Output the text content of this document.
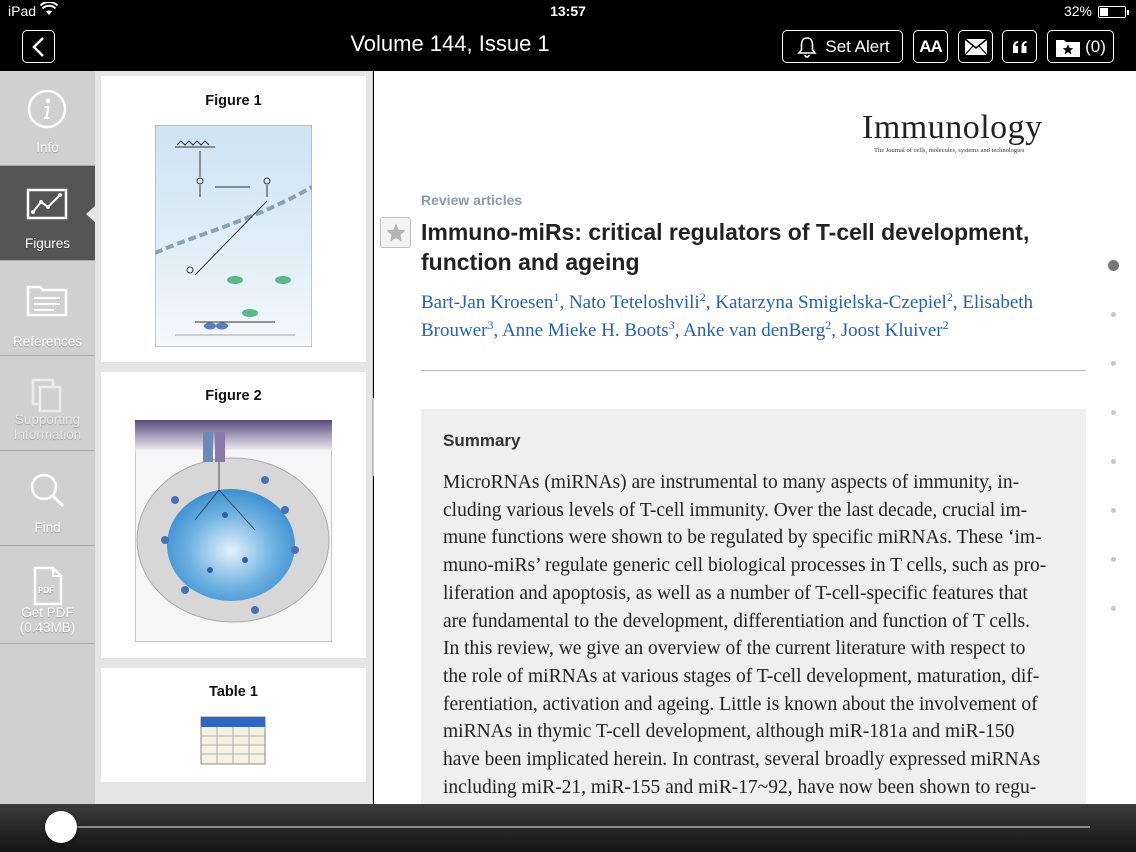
iPad	13:57	32%
Volume 144, Issue 1	Set Alert AA	(0)
Info
Figures
References
Supporting Information
Find
PDF
Get PDF (0.43MB)
Figure 1
Figure 2
Table 1
Immunology
The Journal of cells, molecules, systems and technologies
Review articles
Immuno-miRs: critical regulators of T-cell development, function and ageing
Bart-Jan Kroesen$^1$, Nato Teteloshvili$^2$, Katarzyna Smigielska-Czepiel$^2$, Elisabeth Brouwer$^3$, Anne Mieke H. Boots$^3$, Anke van denBerg$^2$, Joost Kluiver$^2$
Summary
MicroRNAs (miRNAs) are instrumental to many aspects of immunity, in-
cluding various levels of T-cell immunity. Over the last decade, crucial im-
mune functions were shown to be regulated by specific miRNAs. These ‘im-
muno-miRs’ regulate generic cell biological processes in T cells, such as pro-
liferation and apoptosis, as well as a number of T-cell-specific features that
are fundamental to the development, differentiation and function of T cells.
In this review, we give an overview of the current literature with respect to
the role of miRNAs at various stages of T-cell development, maturation, dif-
ferentiation, activation and ageing. Little is known about the involvement of
miRNAs in thymic T-cell development, although miR-181a and miR-150
have been implicated herein. In contrast, several broadly expressed miRNAs
including miR-21, miR-155 and miR-17~92, have now been shown to regu-
